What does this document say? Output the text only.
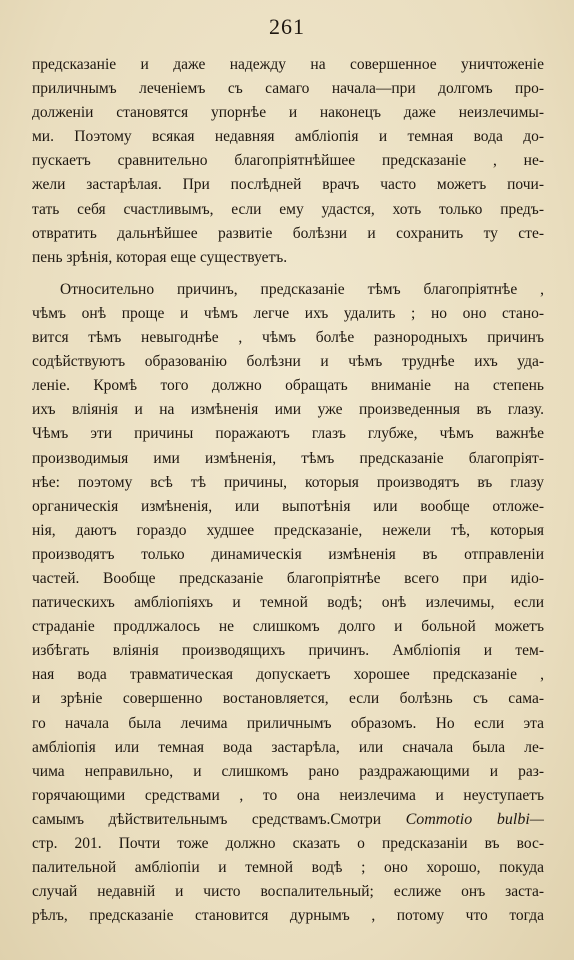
261
предсказаніе и даже надежду на совершенное уничтоженіе
приличнымъ леченіемъ съ самаго начала—при долгомъ про-
долженіи становятся упорнѣе и наконецъ даже неизлечимы-
ми. Поэтому всякая недавняя амблiопія и темная вода до-
пускаетъ сравнительно благопріятнѣйшее предсказаніе , не-
жели застарѣлая. При послѣдней врачъ часто можетъ почи-
тать себя счастливымъ, если ему удастся, хоть только предъ-
отвратить дальнѣйшее развитіе болѣзни и сохранить ту сте-
пень зрѣнія, которая еще существуетъ.
Относительно причинъ, предсказаніе тѣмъ благопріятнѣе ,
чѣмъ онѣ проще и чѣмъ легче ихъ удалить ; но оно стано-
вится тѣмъ невыгоднѣе , чѣмъ болѣе разнородныхъ причинъ
содѣйствуютъ образованію болѣзни и чѣмъ труднѣе ихъ уда-
леніе. Кромѣ того должно обращать вниманіе на степень
ихъ вліянія и на измѣненія ими уже произведенныя въ глазу.
Чѣмъ эти причины поражаютъ глазъ глубже, чѣмъ важнѣе
производимыя ими измѣненія, тѣмъ предсказаніе благопріят-
нѣе: поэтому всѣ тѣ причины, которыя производятъ въ глазу
органическія измѣненія, или выпотѣнія или вообще отложе-
нія, даютъ гораздо худшее предсказаніе, нежели тѣ, которыя
производятъ только динамическія измѣненія въ отправленіи
частей. Вообще предсказаніе благопріятнѣе всего при идіо-
патическихъ амблiопіяхъ и темной водѣ; онѣ излечимы, если
страданіе продлжалось не слишкомъ долго и больной можетъ
избѣгать вліянія производящихъ причинъ. Амблiопія и тем-
ная вода травматическая допускаетъ хорошее предсказаніе ,
и зрѣніе совершенно востановляется, если болѣзнь съ сама-
го начала была лечима приличнымъ образомъ. Но если эта
амблiопія или темная вода застарѣла, или сначала была ле-
чима неправильно, и слишкомъ рано раздражающими и раз-
горячающими средствами , то она неизлечима и неуступаетъ
самымъ дѣйствительнымъ средствамъ.Смотри Commotio bulbi—
стр. 201. Почти тоже должно сказать о предсказаніи въ вос-
палительной амблiопіи и темной водѣ ; оно хорошо, покуда
случай недавній и чисто воспалительный; еслиже онъ заста-
рѣлъ, предсказаніе становится дурнымъ , потому что тогда
